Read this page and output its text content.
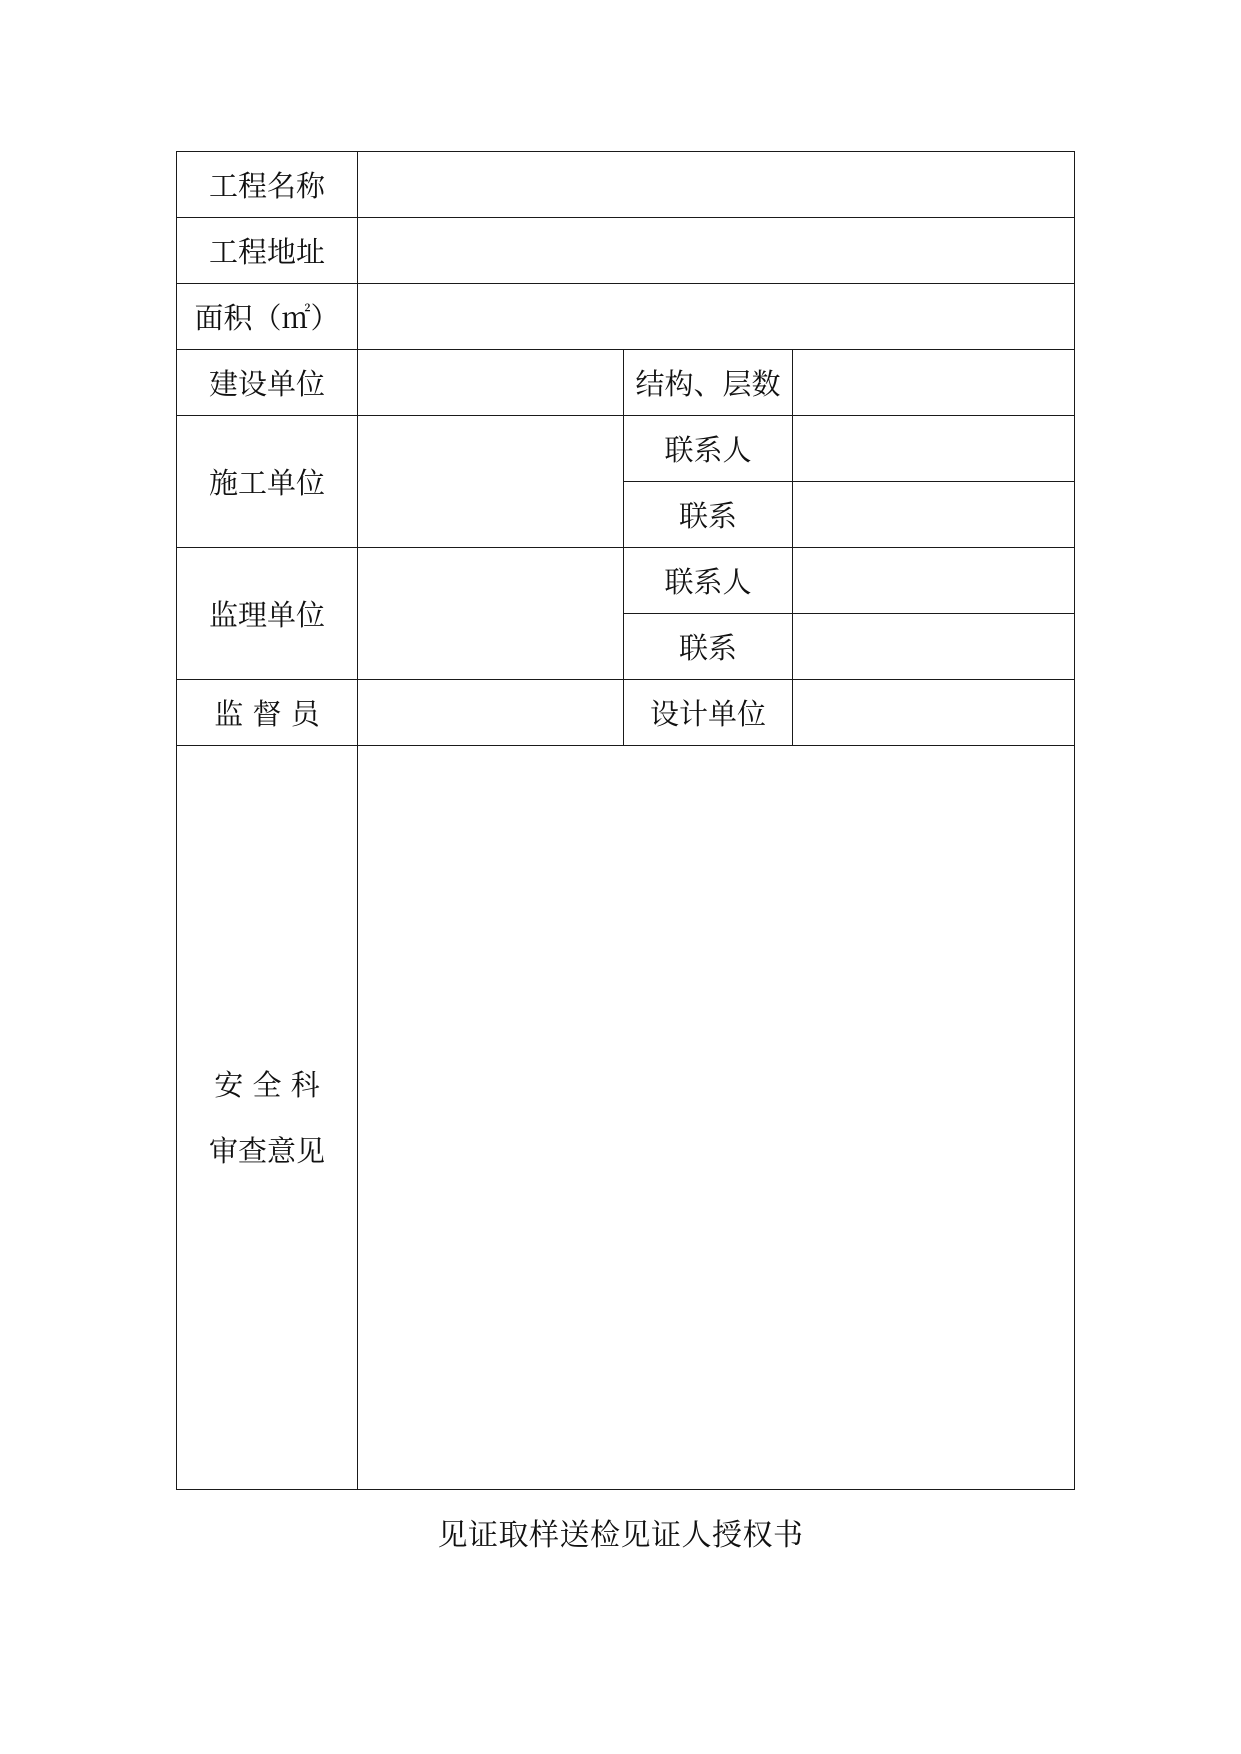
工程名称			
工程地址			
面积（㎡）			
建设单位		结构、层数	
施工单位		联系人	
		联系	
监理单位		联系人	
		联系	
监 督 员		设计单位	

安 全 科
审查意见			

见证取样送检见证人授权书
